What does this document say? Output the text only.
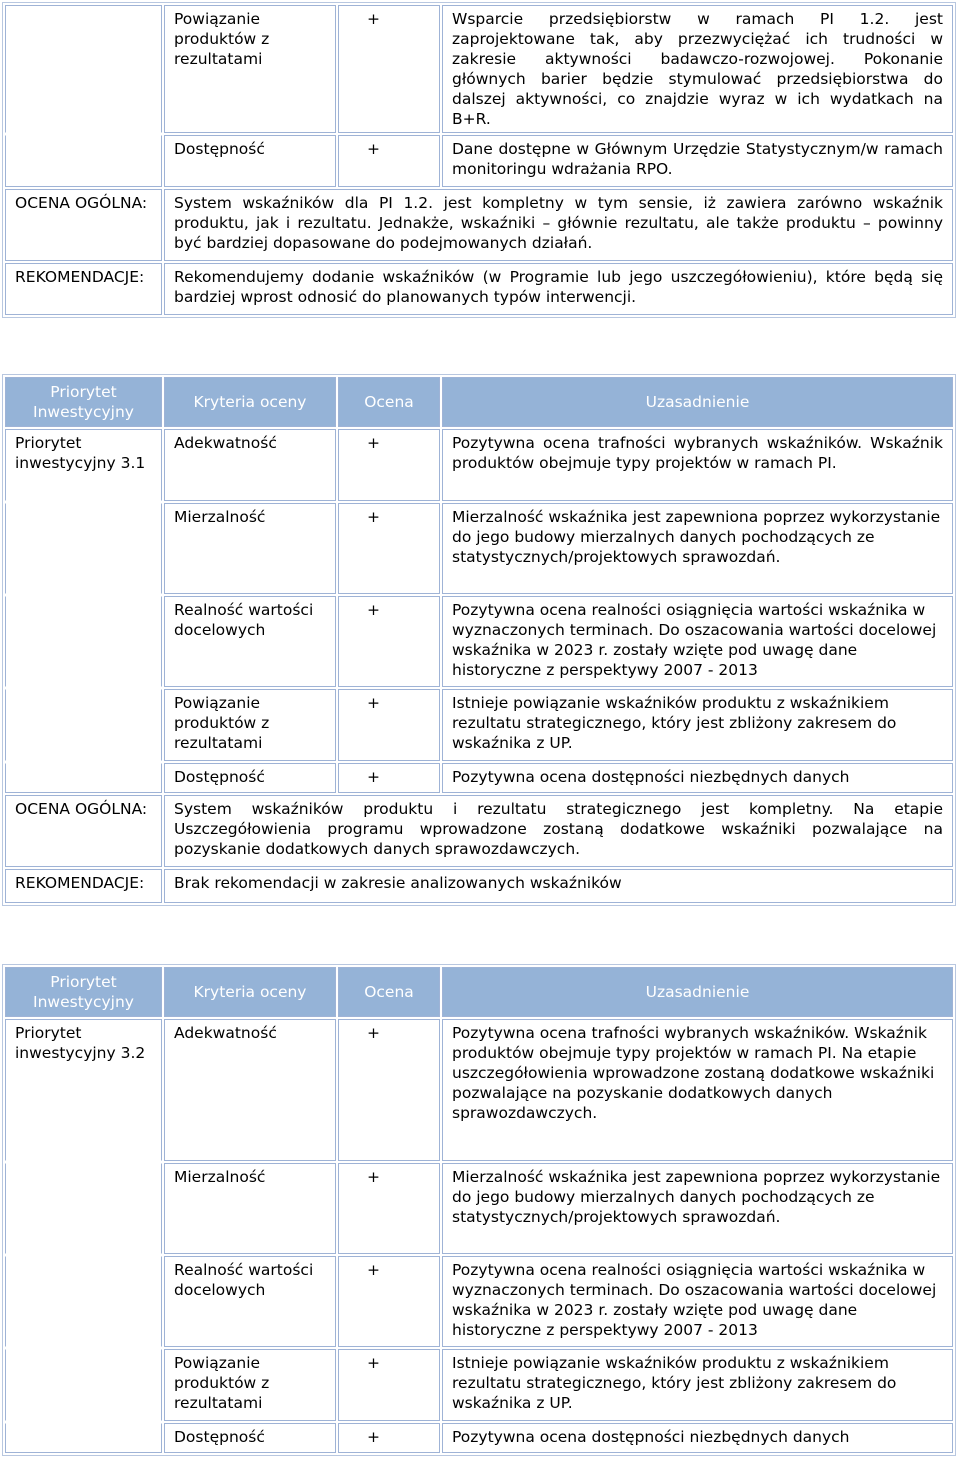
	Powiązanie produktów z rezultatami	+	Wsparcie przedsiębiorstw w ramach PI 1.2. jest zaprojektowane tak, aby przezwyciężać ich trudności w zakresie aktywności badawczo-rozwojowej. Pokonanie głównych barier będzie stymulować przedsiębiorstwa do dalszej aktywności, co znajdzie wyraz w ich wydatkach na B+R.
	Dostępność	+	Dane dostępne w Głównym Urzędzie Statystycznym/w ramach monitoringu wdrażania RPO.
OCENA OGÓLNA:	System wskaźników dla PI 1.2. jest kompletny w tym sensie, iż zawiera zarówno wskaźnik produktu, jak i rezultatu. Jednakże, wskaźniki – głównie rezultatu, ale także produktu – powinny być bardziej dopasowane do podejmowanych działań.		
REKOMENDACJE:	Rekomendujemy dodanie wskaźników (w Programie lub jego uszczegółowieniu), które będą się bardziej wprost odnosić do planowanych typów interwencji.		
Priorytet Inwestycyjny	Kryteria oceny	Ocena	Uzasadnienie
Priorytet inwestycyjny 3.1	Adekwatność	+	Pozytywna ocena trafności wybranych wskaźników. Wskaźnik produktów obejmuje typy projektów w ramach PI.
	Mierzalność	+	Mierzalność wskaźnika jest zapewniona poprzez wykorzystanie do jego budowy mierzalnych danych pochodzących ze statystycznych/projektowych sprawozdań.
	Realność wartości docelowych	+	Pozytywna ocena realności osiągnięcia wartości wskaźnika w wyznaczonych terminach. Do oszacowania wartości docelowej wskaźnika w 2023 r. zostały wzięte pod uwagę dane historyczne z perspektywy 2007 - 2013
	Powiązanie produktów z rezultatami	+	Istnieje powiązanie wskaźników produktu z wskaźnikiem rezultatu strategicznego, który jest zbliżony zakresem do wskaźnika z UP.
	Dostępność	+	Pozytywna ocena dostępności niezbędnych danych
OCENA OGÓLNA:	System wskaźników produktu i rezultatu strategicznego jest kompletny. Na etapie Uszczegółowienia programu wprowadzone zostaną dodatkowe wskaźniki pozwalające na pozyskanie dodatkowych danych sprawozdawczych.		
REKOMENDACJE:	Brak rekomendacji w zakresie analizowanych wskaźników		
Priorytet Inwestycyjny	Kryteria oceny	Ocena	Uzasadnienie
Priorytet inwestycyjny 3.2	Adekwatność	+	Pozytywna ocena trafności wybranych wskaźników. Wskaźnik produktów obejmuje typy projektów w ramach PI. Na etapie uszczegółowienia wprowadzone zostaną dodatkowe wskaźniki pozwalające na pozyskanie dodatkowych danych sprawozdawczych.
	Mierzalność	+	Mierzalność wskaźnika jest zapewniona poprzez wykorzystanie do jego budowy mierzalnych danych pochodzących ze statystycznych/projektowych sprawozdań.
	Realność wartości docelowych	+	Pozytywna ocena realności osiągnięcia wartości wskaźnika w wyznaczonych terminach. Do oszacowania wartości docelowej wskaźnika w 2023 r. zostały wzięte pod uwagę dane historyczne z perspektywy 2007 - 2013
	Powiązanie produktów z rezultatami	+	Istnieje powiązanie wskaźników produktu z wskaźnikiem rezultatu strategicznego, który jest zbliżony zakresem do wskaźnika z UP.
	Dostępność	+	Pozytywna ocena dostępności niezbędnych danych
